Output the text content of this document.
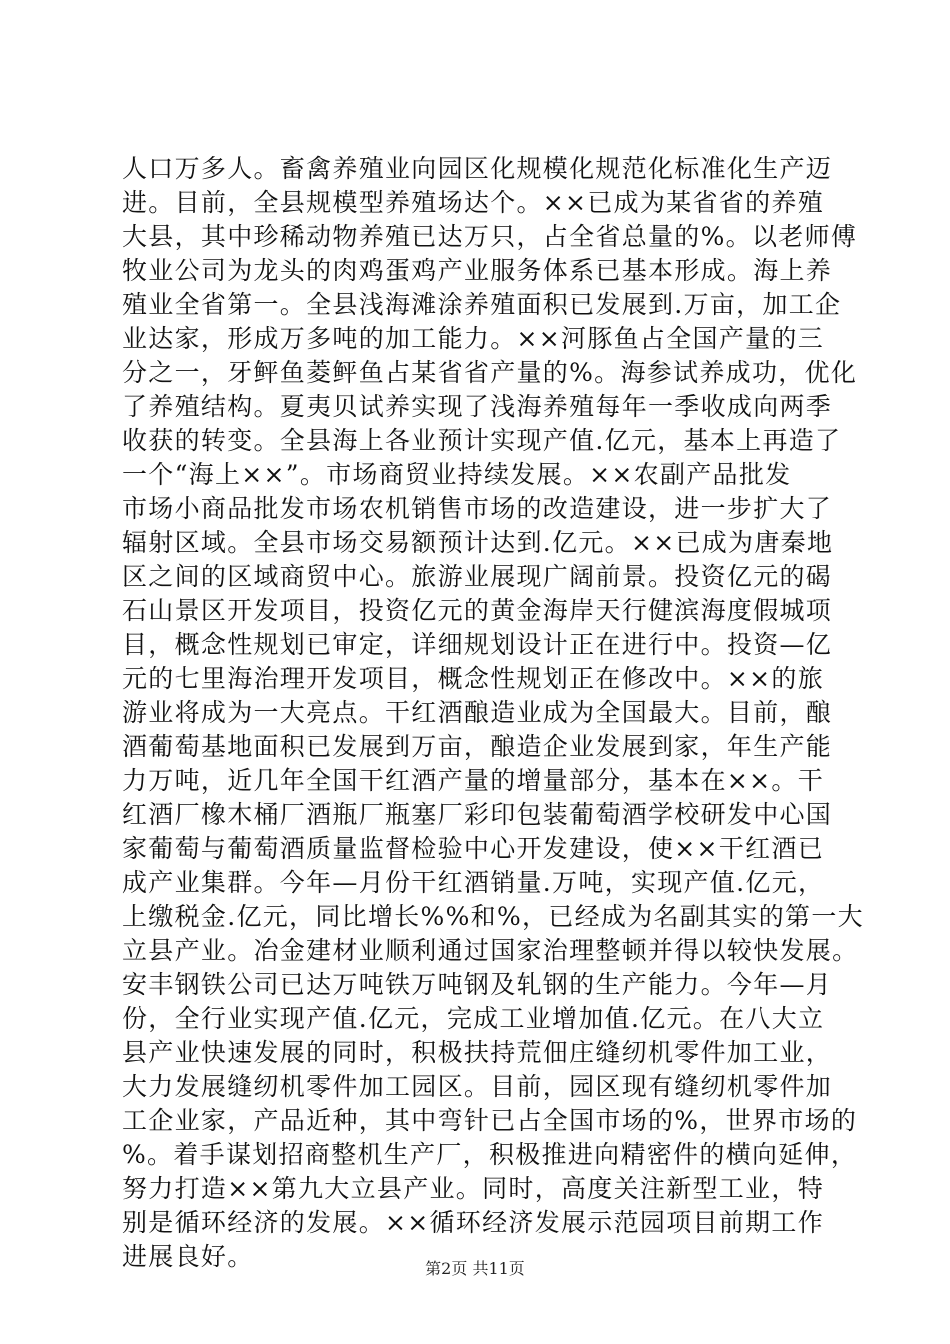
人口万多人。畜禽养殖业向园区化规模化规范化标准化生产迈
进。目前，全县规模型养殖场达个。××已成为某省省的养殖
大县，其中珍稀动物养殖已达万只，占全省总量的%。以老师傅
牧业公司为龙头的肉鸡蛋鸡产业服务体系已基本形成。海上养
殖业全省第一。全县浅海滩涂养殖面积已发展到.万亩，加工企
业达家，形成万多吨的加工能力。××河豚鱼占全国产量的三
分之一，牙鲆鱼菱鲆鱼占某省省产量的%。海参试养成功，优化
了养殖结构。夏夷贝试养实现了浅海养殖每年一季收成向两季
收获的转变。全县海上各业预计实现产值.亿元，基本上再造了
一个“海上××”。市场商贸业持续发展。××农副产品批发
市场小商品批发市场农机销售市场的改造建设，进一步扩大了
辐射区域。全县市场交易额预计达到.亿元。××已成为唐秦地
区之间的区域商贸中心。旅游业展现广阔前景。投资亿元的碣
石山景区开发项目，投资亿元的黄金海岸天行健滨海度假城项
目，概念性规划已审定，详细规划设计正在进行中。投资—亿
元的七里海治理开发项目，概念性规划正在修改中。××的旅
游业将成为一大亮点。干红酒酿造业成为全国最大。目前，酿
酒葡萄基地面积已发展到万亩，酿造企业发展到家，年生产能
力万吨，近几年全国干红酒产量的增量部分，基本在××。干
红酒厂橡木桶厂酒瓶厂瓶塞厂彩印包装葡萄酒学校研发中心国
家葡萄与葡萄酒质量监督检验中心开发建设，使××干红酒已
成产业集群。今年—月份干红酒销量.万吨，实现产值.亿元，
上缴税金.亿元，同比增长%%和%，已经成为名副其实的第一大
立县产业。冶金建材业顺利通过国家治理整顿并得以较快发展。
安丰钢铁公司已达万吨铁万吨钢及轧钢的生产能力。今年—月
份，全行业实现产值.亿元，完成工业增加值.亿元。在八大立
县产业快速发展的同时，积极扶持荒佃庄缝纫机零件加工业，
大力发展缝纫机零件加工园区。目前，园区现有缝纫机零件加
工企业家，产品近种，其中弯针已占全国市场的%，世界市场的
%。着手谋划招商整机生产厂，积极推进向精密件的横向延伸，
努力打造××第九大立县产业。同时，高度关注新型工业，特
别是循环经济的发展。××循环经济发展示范园项目前期工作
进展良好。	第2页 共11页
